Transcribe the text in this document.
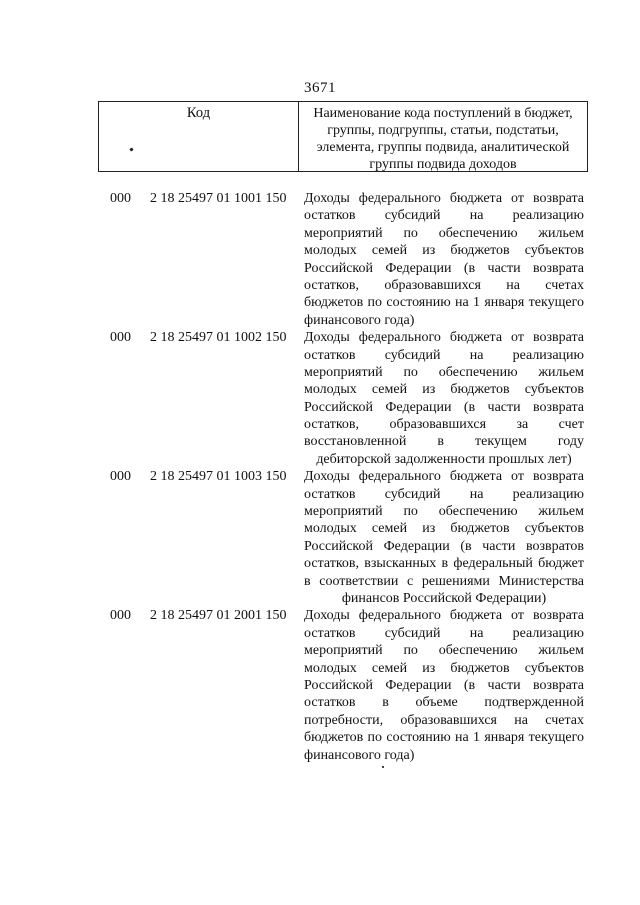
3671
Код	Наименование кода поступлений в бюджет,
группы, подгруппы, статьи, подстатьи,
элемента, группы подвида, аналитической
группы подвида доходов
000 2 18 25497 01 1001 150 Доходы федерального бюджета от возврата
остатков субсидий на реализацию
мероприятий по обеспечению жильем
молодых семей из бюджетов субъектов
Российской Федерации (в части возврата
остатков, образовавшихся на счетах
бюджетов по состоянию на 1 января текущего
финансового года)
000 2 18 25497 01 1002 150 Доходы федерального бюджета от возврата
остатков субсидий на реализацию
мероприятий по обеспечению жильем
молодых семей из бюджетов субъектов
Российской Федерации (в части возврата
остатков, образовавшихся за счет
восстановленной в текущем году
дебиторской задолженности прошлых лет)
000 2 18 25497 01 1003 150 Доходы федерального бюджета от возврата
остатков субсидий на реализацию
мероприятий по обеспечению жильем
молодых семей из бюджетов субъектов
Российской Федерации (в части возвратов
остатков, взысканных в федеральный бюджет
в соответствии с решениями Министерства
финансов Российской Федерации)
000 2 18 25497 01 2001 150 Доходы федерального бюджета от возврата
остатков субсидий на реализацию
мероприятий по обеспечению жильем
молодых семей из бюджетов субъектов
Российской Федерации (в части возврата
остатков в объеме подтвержденной
потребности, образовавшихся на счетах
бюджетов по состоянию на 1 января текущего
финансового года)
